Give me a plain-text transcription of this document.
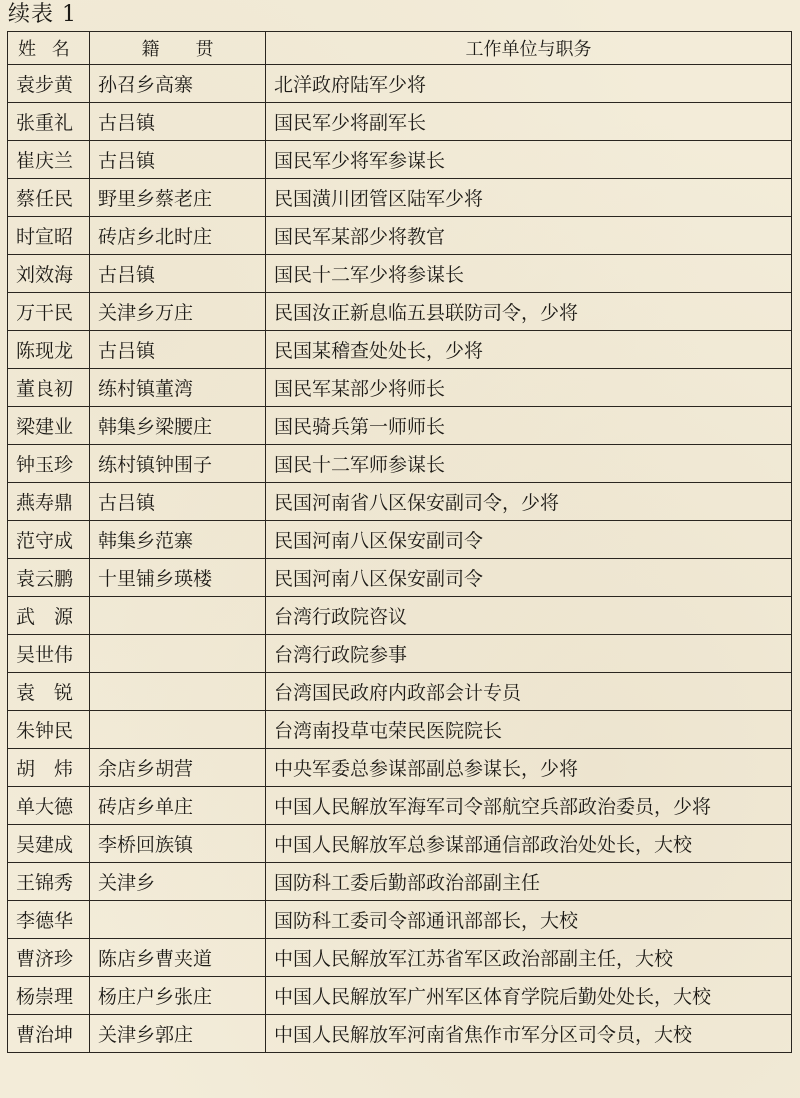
续表 1
姓 名	籍　　贯	工作单位与职务
袁步黄	孙召乡高寨	北洋政府陆军少将
张重礼	古吕镇	国民军少将副军长
崔庆兰	古吕镇	国民军少将军参谋长
蔡任民	野里乡蔡老庄	民国潢川团管区陆军少将
时宣昭	砖店乡北时庄	国民军某部少将教官
刘效海	古吕镇	国民十二军少将参谋长
万干民	关津乡万庄	民国汝正新息临五县联防司令，少将
陈现龙	古吕镇	民国某稽查处处长，少将
董良初	练村镇董湾	国民军某部少将师长
梁建业	韩集乡梁腰庄	国民骑兵第一师师长
钟玉珍	练村镇钟围子	国民十二军师参谋长
燕寿鼎	古吕镇	民国河南省八区保安副司令，少将
范守成	韩集乡范寨	民国河南八区保安副司令
袁云鹏	十里铺乡瑛楼	民国河南八区保安副司令
武　源		台湾行政院咨议
吴世伟		台湾行政院参事
袁　锐		台湾国民政府内政部会计专员
朱钟民		台湾南投草屯荣民医院院长
胡　炜	余店乡胡营	中央军委总参谋部副总参谋长，少将
单大德	砖店乡单庄	中国人民解放军海军司令部航空兵部政治委员，少将
吴建成	李桥回族镇	中国人民解放军总参谋部通信部政治处处长，大校
王锦秀	关津乡	国防科工委后勤部政治部副主任
李德华		国防科工委司令部通讯部部长，大校
曹济珍	陈店乡曹夹道	中国人民解放军江苏省军区政治部副主任，大校
杨崇理	杨庄户乡张庄	中国人民解放军广州军区体育学院后勤处处长，大校
曹治坤	关津乡郭庄	中国人民解放军河南省焦作市军分区司令员，大校
